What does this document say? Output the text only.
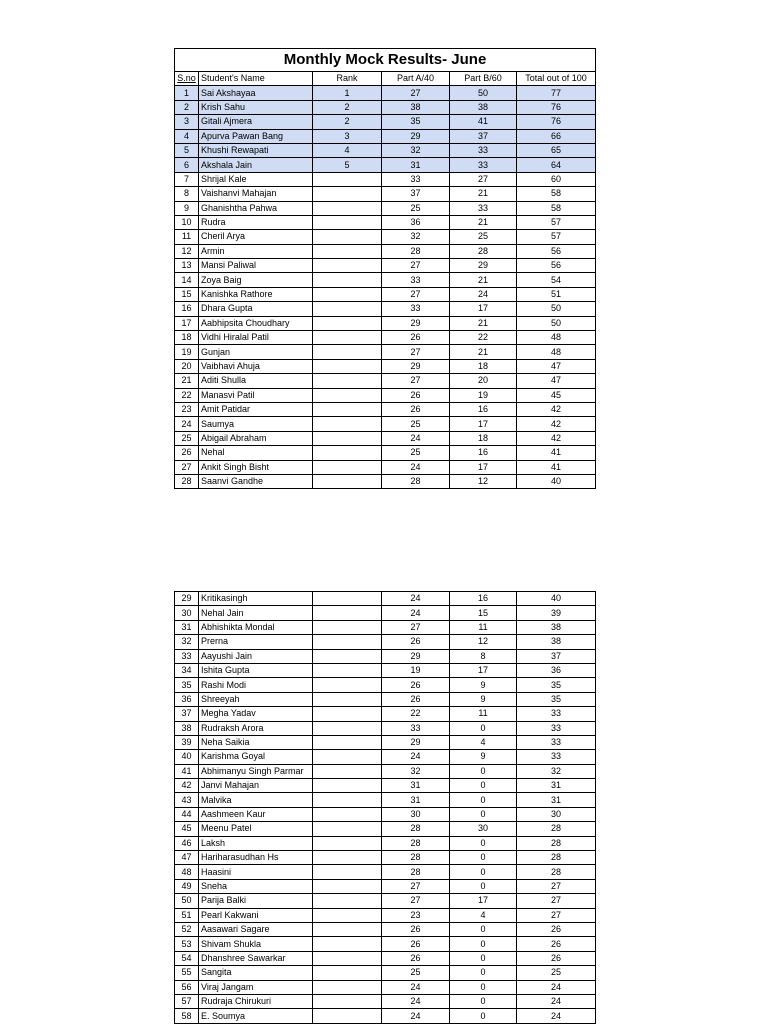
Monthly Mock Results- June					
S.no	Student's Name	Rank	Part A/40	Part B/60	Total out of 100
1	Sai Akshayaa	1	27	50	77
2	Krish Sahu	2	38	38	76
3	Gitali Ajmera	2	35	41	76
4	Apurva Pawan Bang	3	29	37	66
5	Khushi Rewapati	4	32	33	65
6	Akshala Jain	5	31	33	64
7	Shrijal Kale		33	27	60
8	Vaishanvi Mahajan		37	21	58
9	Ghanishtha Pahwa		25	33	58
10	Rudra		36	21	57
11	Cheril Arya		32	25	57
12	Armin		28	28	56
13	Mansi Paliwal		27	29	56
14	Zoya Baig		33	21	54
15	Kanishka Rathore		27	24	51
16	Dhara Gupta		33	17	50
17	Aabhipsita Choudhary		29	21	50
18	Vidhi Hiralal Patil		26	22	48
19	Gunjan		27	21	48
20	Vaibhavi Ahuja		29	18	47
21	Aditi Shulla		27	20	47
22	Manasvi Patil		26	19	45
23	Amit Patidar		26	16	42
24	Saumya		25	17	42
25	Abigail Abraham		24	18	42
26	Nehal		25	16	41
27	Ankit Singh Bisht		24	17	41
28	Saanvi Gandhe		28	12	40
29	Kritikasingh		24	16	40
30	Nehal Jain		24	15	39
31	Abhishikta Mondal		27	11	38
32	Prerna		26	12	38
33	Aayushi Jain		29	8	37
34	Ishita Gupta		19	17	36
35	Rashi Modi		26	9	35
36	Shreeyah		26	9	35
37	Megha Yadav		22	11	33
38	Rudraksh Arora		33	0	33
39	Neha Saikia		29	4	33
40	Karishma Goyal		24	9	33
41	Abhimanyu Singh Parmar		32	0	32
42	Janvi Mahajan		31	0	31
43	Malvika		31	0	31
44	Aashmeen Kaur		30	0	30
45	Meenu Patel		28	30	28
46	Laksh		28	0	28
47	Hariharasudhan Hs		28	0	28
48	Haasini		28	0	28
49	Sneha		27	0	27
50	Parija Balki		27	17	27
51	Pearl Kakwani		23	4	27
52	Aasawari Sagare		26	0	26
53	Shivam Shukla		26	0	26
54	Dhanshree Sawarkar		26	0	26
55	Sangita		25	0	25
56	Viraj Jangam		24	0	24
57	Rudraja Chirukuri		24	0	24
58	E. Soumya		24	0	24
